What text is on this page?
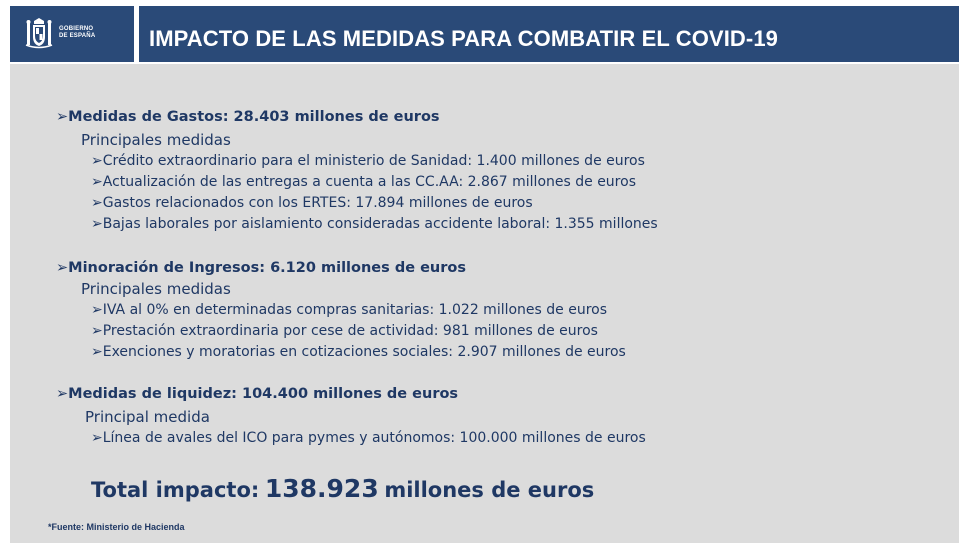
GOBIERNO
DE ESPAÑA IMPACTO DE LAS MEDIDAS PARA COMBATIR EL COVID-19
➢Medidas de Gastos: 28.403 millones de euros
Principales medidas
➢Crédito extraordinario para el ministerio de Sanidad: 1.400 millones de euros
➢Actualización de las entregas a cuenta a las CC.AA: 2.867 millones de euros
➢Gastos relacionados con los ERTES: 17.894 millones de euros
➢Bajas laborales por aislamiento consideradas accidente laboral: 1.355 millones
➢Minoración de Ingresos: 6.120 millones de euros
Principales medidas
➢IVA al 0% en determinadas compras sanitarias: 1.022 millones de euros
➢Prestación extraordinaria por cese de actividad: 981 millones de euros
➢Exenciones y moratorias en cotizaciones sociales: 2.907 millones de euros
➢Medidas de liquidez: 104.400 millones de euros
Principal medida
➢Línea de avales del ICO para pymes y autónomos: 100.000 millones de euros
Total impacto: 138.923 millones de euros
*Fuente: Ministerio de Hacienda
